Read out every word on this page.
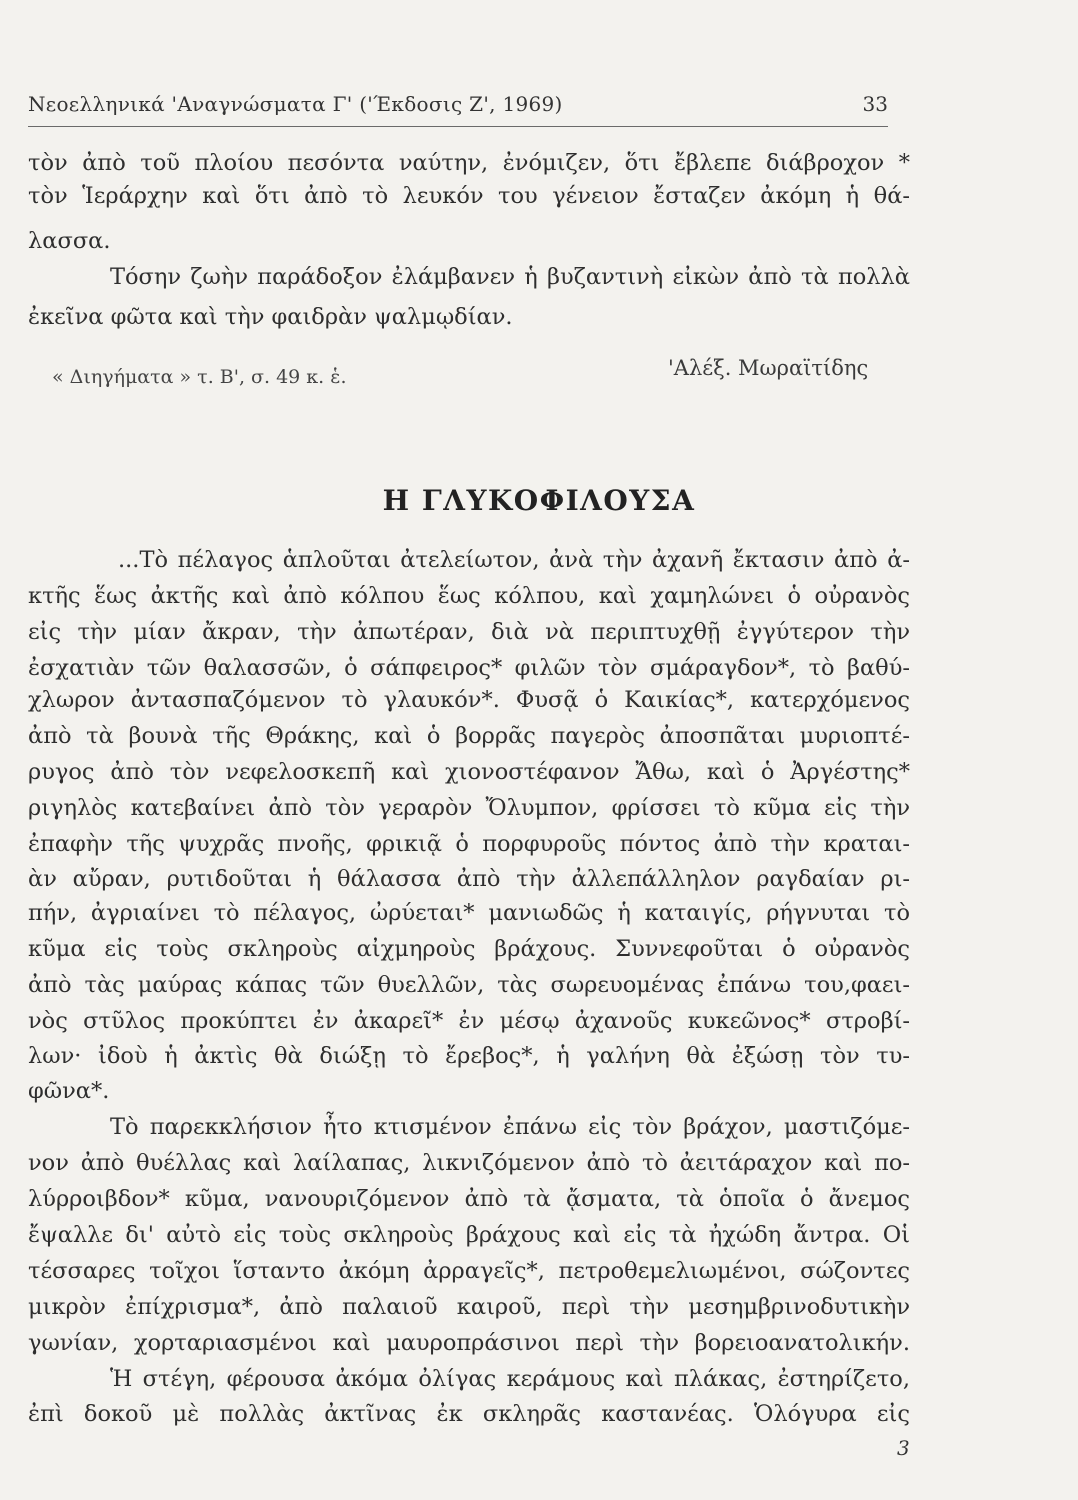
Νεοελληνικά 'Αναγνώσματα Γ' ('Έκδοσις Ζ', 1969)	33
τὸν ἀπὸ τοῦ πλοίου πεσόντα ναύτην, ἐνόμιζεν, ὅτι ἔβλεπε διάβροχον *
τὸν Ἱεράρχην καὶ ὅτι ἀπὸ τὸ λευκόν του γένειον ἔσταζεν ἀκόμη ἡ θά-
λασσα.
Τόσην ζωὴν παράδοξον ἐλάμβανεν ἡ βυζαντινὴ εἰκὼν ἀπὸ τὰ πολλὰ
ἐκεῖνα φῶτα καὶ τὴν φαιδρὰν ψαλμῳδίαν.
« Διηγήματα » τ. Β', σ. 49 κ. ἑ.	'Αλέξ. Μωραϊτίδης
Η ΓΛΥΚΟΦΙΛΟΥΣΑ
...Τὸ πέλαγος ἁπλοῦται ἀτελείωτον, ἀνὰ τὴν ἀχανῆ ἔκτασιν ἀπὸ ἀ-
κτῆς ἕως ἀκτῆς καὶ ἀπὸ κόλπου ἕως κόλπου, καὶ χαμηλώνει ὁ οὐρανὸς
εἰς τὴν μίαν ἄκραν, τὴν ἀπωτέραν, διὰ νὰ περιπτυχθῇ ἐγγύτερον τὴν
ἐσχατιὰν τῶν θαλασσῶν, ὁ σάπφειρος* φιλῶν τὸν σμάραγδον*, τὸ βαθύ-
χλωρον ἀντασπαζόμενον τὸ γλαυκόν*. Φυσᾷ ὁ Καικίας*, κατερχόμενος
ἀπὸ τὰ βουνὰ τῆς Θράκης, καὶ ὁ βορρᾶς παγερὸς ἀποσπᾶται μυριοπτέ-
ρυγος ἀπὸ τὸν νεφελοσκεπῆ καὶ χιονοστέφανον Ἄθω, καὶ ὁ Ἀργέστης*
ριγηλὸς κατεβαίνει ἀπὸ τὸν γεραρὸν Ὄλυμπον, φρίσσει τὸ κῦμα εἰς τὴν
ἐπαφὴν τῆς ψυχρᾶς πνοῆς, φρικιᾷ ὁ πορφυροῦς πόντος ἀπὸ τὴν κραται-
ὰν αὔραν, ρυτιδοῦται ἡ θάλασσα ἀπὸ τὴν ἀλλεπάλληλον ραγδαίαν ρι-
πήν, ἀγριαίνει τὸ πέλαγος, ὠρύεται* μανιωδῶς ἡ καταιγίς, ρήγνυται τὸ
κῦμα εἰς τοὺς σκληροὺς αἰχμηροὺς βράχους. Συννεφοῦται ὁ οὐρανὸς
ἀπὸ τὰς μαύρας κάπας τῶν θυελλῶν, τὰς σωρευομένας ἐπάνω του,φαει-
νὸς στῦλος προκύπτει ἐν ἀκαρεῖ* ἐν μέσῳ ἀχανοῦς κυκεῶνος* στροβί-
λων· ἰδοὺ ἡ ἀκτὶς θὰ διώξῃ τὸ ἔρεβος*, ἡ γαλήνη θὰ ἐξώσῃ τὸν τυ-
φῶνα*.
Τὸ παρεκκλήσιον ἦτο κτισμένον ἐπάνω εἰς τὸν βράχον, μαστιζόμε-
νον ἀπὸ θυέλλας καὶ λαίλαπας, λικνιζόμενον ἀπὸ τὸ ἀειτάραχον καὶ πο-
λύρροιβδον* κῦμα, νανουριζόμενον ἀπὸ τὰ ᾄσματα, τὰ ὁποῖα ὁ ἄνεμος
ἔψαλλε δι' αὐτὸ εἰς τοὺς σκληροὺς βράχους καὶ εἰς τὰ ἠχώδη ἄντρα. Οἱ
τέσσαρες τοῖχοι ἵσταντο ἀκόμη ἀρραγεῖς*, πετροθεμελιωμένοι, σώζοντες
μικρὸν ἐπίχρισμα*, ἀπὸ παλαιοῦ καιροῦ, περὶ τὴν μεσημβρινοδυτικὴν
γωνίαν, χορταριασμένοι καὶ μαυροπράσινοι περὶ τὴν βορειοανατολικήν.
Ἡ στέγη, φέρουσα ἀκόμα ὀλίγας κεράμους καὶ πλάκας, ἐστηρίζετο,
ἐπὶ δοκοῦ μὲ πολλὰς ἀκτῖνας ἐκ σκληρᾶς καστανέας. Ὁλόγυρα εἰς
3
